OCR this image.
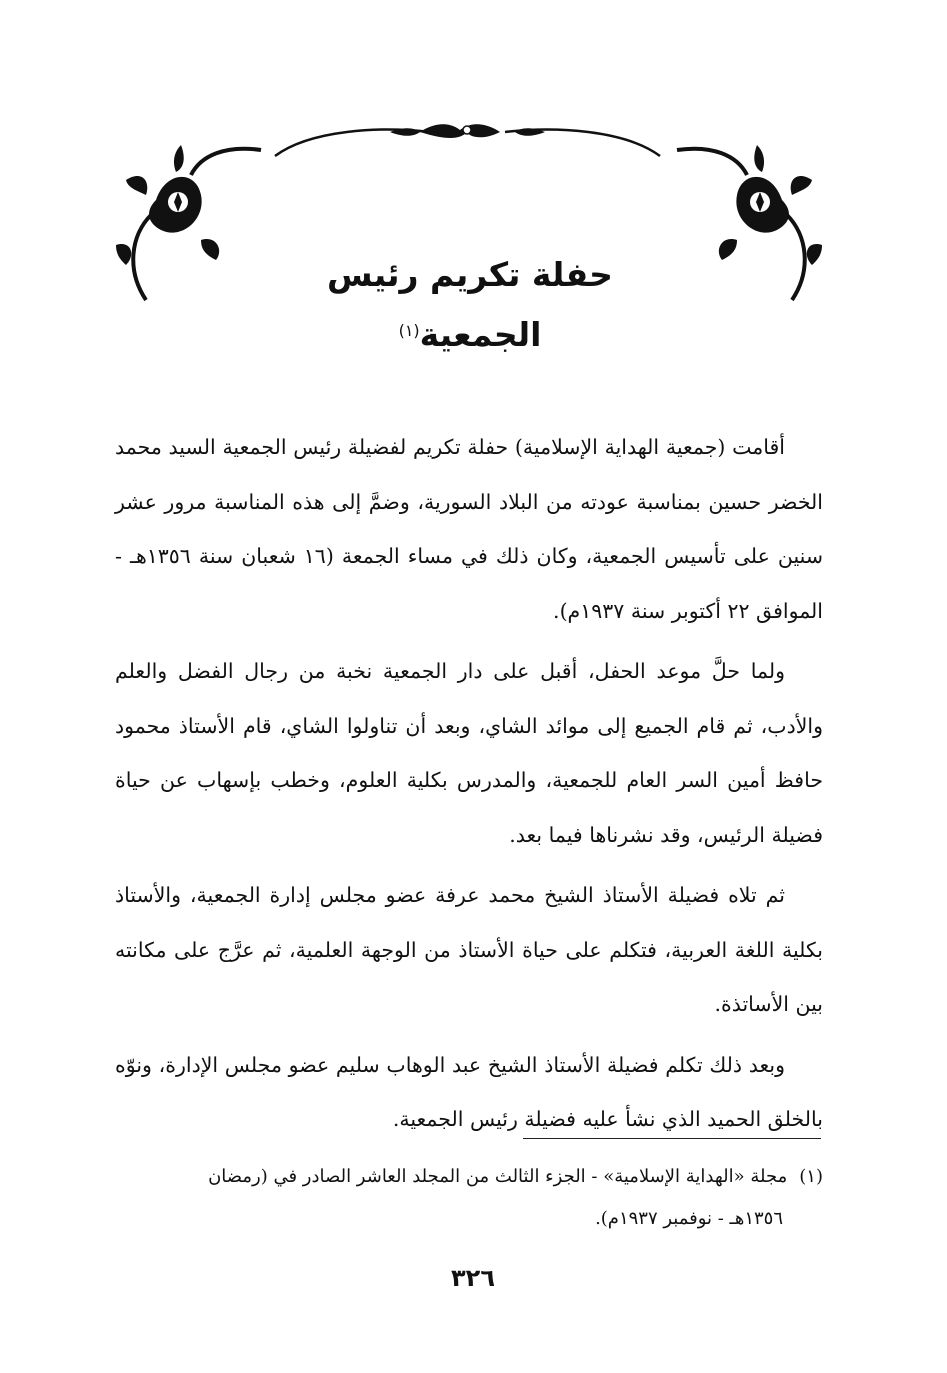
حفلة تكريم رئيس الجمعية$^{(١)}$

أقامت (جمعية الهداية الإسلامية) حفلة تكريم لفضيلة رئيس الجمعية السيد محمد الخضر حسين بمناسبة عودته من البلاد السورية، وضمَّ إلى هذه المناسبة مرور عشر سنين على تأسيس الجمعية، وكان ذلك في مساء الجمعة (١٦ شعبان سنة ١٣٥٦هـ - الموافق ٢٢ أكتوبر سنة ١٩٣٧م).

ولما حلَّ موعد الحفل، أقبل على دار الجمعية نخبة من رجال الفضل والعلم والأدب، ثم قام الجميع إلى موائد الشاي، وبعد أن تناولوا الشاي، قام الأستاذ محمود حافظ أمين السر العام للجمعية، والمدرس بكلية العلوم، وخطب بإسهاب عن حياة فضيلة الرئيس، وقد نشرناها فيما بعد.

ثم تلاه فضيلة الأستاذ الشيخ محمد عرفة عضو مجلس إدارة الجمعية، والأستاذ بكلية اللغة العربية، فتكلم على حياة الأستاذ من الوجهة العلمية، ثم عرَّج على مكانته بين الأساتذة.

وبعد ذلك تكلم فضيلة الأستاذ الشيخ عبد الوهاب سليم عضو مجلس الإدارة، ونوّه بالخلق الحميد الذي نشأ عليه فضيلة رئيس الجمعية.

(١)مجلة «الهداية الإسلامية» - الجزء الثالث من المجلد العاشر الصادر في (رمضان
١٣٥٦هـ - نوفمبر ١٩٣٧م).
٣٢٦
